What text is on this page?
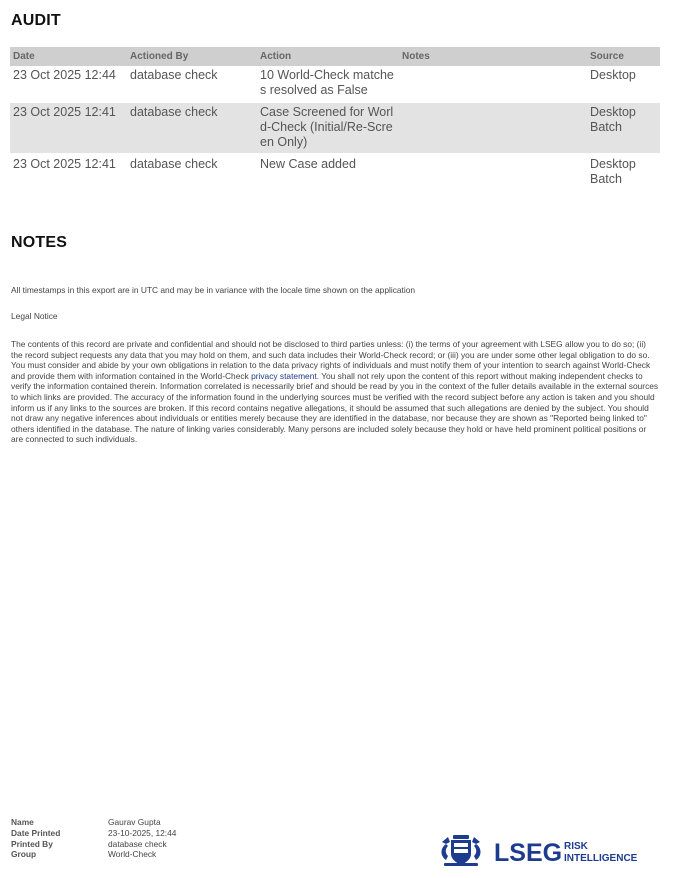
AUDIT
Date	Actioned By	Action	Notes	Source
23 Oct 2025 12:44	database check	10 World-Check matches resolved as False		Desktop

23 Oct 2025 12:41	database check	Case Screened for World-Check (Initial/Re-Screen Only)		Desktop Batch

23 Oct 2025 12:41	database check	New Case added		Desktop Batch
NOTES
All timestamps in this export are in UTC and may be in variance with the locale time shown on the application
Legal Notice
The contents of this record are private and confidential and should not be disclosed to third parties unless: (i) the terms of your agreement with LSEG allow you to do so; (ii) the record subject requests any data that you may hold on them, and such data includes their World-Check record; or (iii) you are under some other legal obligation to do so. You must consider and abide by your own obligations in relation to the data privacy rights of individuals and must notify them of your intention to search against World-Check and provide them with information contained in the World-Check privacy statement. You shall not rely upon the content of this report without making independent checks to verify the information contained therein. Information correlated is necessarily brief and should be read by you in the context of the fuller details available in the external sources to which links are provided. The accuracy of the information found in the underlying sources must be verified with the record subject before any action is taken and you should inform us if any links to the sources are broken. If this record contains negative allegations, it should be assumed that such allegations are denied by the subject. You should not draw any negative inferences about individuals or entities merely because they are identified in the database, nor because they are shown as "Reported being linked to" others identified in the database. The nature of linking varies considerably. Many persons are included solely because they hold or have held prominent political positions or are connected to such individuals.
Name	Gaurav Gupta
Date Printed	23-10-2025, 12:44
Printed By	database check
Group	World-Check	LSEG RISK
INTELLIGENCE
